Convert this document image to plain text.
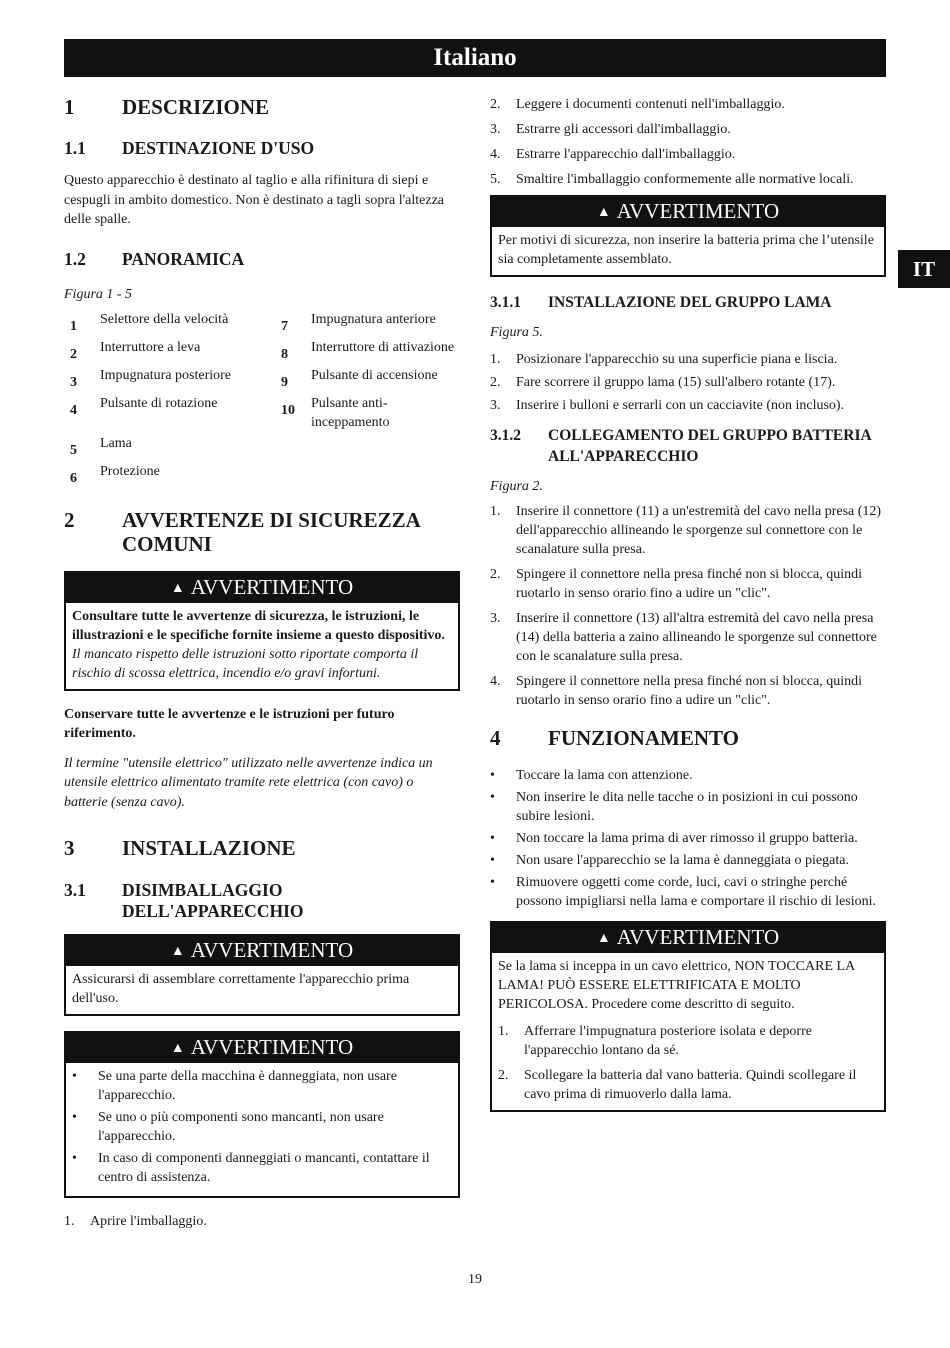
Italiano
IT
1	DESCRIZIONE
1.1	DESTINAZIONE D'USO

Questo apparecchio è destinato al taglio e alla rifinitura di siepi e cespugli in ambito domestico. Non è destinato a tagli sopra l'altezza delle spalle.

1.2	PANORAMICA
Figura 1 - 5
1	Selettore della velocità	7	Impugnatura anteriore
2	Interruttore a leva	8	Interruttore di attivazione
3	Impugnatura posteriore	9	Pulsante di accensione
4	Pulsante di rotazione	10	Pulsante anti-inceppamento
5	Lama
6	Protezione
2	AVVERTENZE DI SICUREZZA COMUNI
▲ AVVERTIMENTO
Consultare tutte le avvertenze di sicurezza, le istruzioni, le illustrazioni e le specifiche fornite insieme a questo dispositivo. Il mancato rispetto delle istruzioni sotto riportate comporta il rischio di scossa elettrica, incendio e/o gravi infortuni.

Conservare tutte le avvertenze e le istruzioni per futuro riferimento.

Il termine "utensile elettrico" utilizzato nelle avvertenze indica un utensile elettrico alimentato tramite rete elettrica (con cavo) o batterie (senza cavo).

3	INSTALLAZIONE
3.1	DISIMBALLAGGIO DELL'APPARECCHIO
▲ AVVERTIMENTO
Assicurarsi di assemblare correttamente l'apparecchio prima dell'uso.
▲ AVVERTIMENTO
•	Se una parte della macchina è danneggiata, non usare l'apparecchio.
•	Se uno o più componenti sono mancanti, non usare l'apparecchio.
•	In caso di componenti danneggiati o mancanti, contattare il centro di assistenza.
1.	Aprire l'imballaggio.
2.	Leggere i documenti contenuti nell'imballaggio.
3.	Estrarre gli accessori dall'imballaggio.
4.	Estrarre l'apparecchio dall'imballaggio.
5.	Smaltire l'imballaggio conformemente alle normative locali.
▲ AVVERTIMENTO
Per motivi di sicurezza, non inserire la batteria prima che l’utensile sia completamente assemblato.
3.1.1	INSTALLAZIONE DEL GRUPPO LAMA
Figura 5.
1.	Posizionare l'apparecchio su una superficie piana e liscia.
2.	Fare scorrere il gruppo lama (15) sull'albero rotante (17).
3.	Inserire i bulloni e serrarli con un cacciavite (non incluso).
3.1.2	COLLEGAMENTO DEL GRUPPO BATTERIA ALL'APPARECCHIO
Figura 2.
1.	Inserire il connettore (11) a un'estremità del cavo nella presa (12) dell'apparecchio allineando le sporgenze sul connettore con le scanalature sulla presa.
2.	Spingere il connettore nella presa finché non si blocca, quindi ruotarlo in senso orario fino a udire un "clic".
3.	Inserire il connettore (13) all'altra estremità del cavo nella presa (14) della batteria a zaino allineando le sporgenze sul connettore con le scanalature sulla presa.
4.	Spingere il connettore nella presa finché non si blocca, quindi ruotarlo in senso orario fino a udire un "clic".
4	FUNZIONAMENTO
•	Toccare la lama con attenzione.
•	Non inserire le dita nelle tacche o in posizioni in cui possono subire lesioni.
•	Non toccare la lama prima di aver rimosso il gruppo batteria.
•	Non usare l'apparecchio se la lama è danneggiata o piegata.
•	Rimuovere oggetti come corde, luci, cavi o stringhe perché possono impigliarsi nella lama e comportare il rischio di lesioni.
▲ AVVERTIMENTO
Se la lama si inceppa in un cavo elettrico, NON TOCCARE LA LAMA! PUÒ ESSERE ELETTRIFICATA E MOLTO PERICOLOSA. Procedere come descritto di seguito.
1.	Afferrare l'impugnatura posteriore isolata e deporre l'apparecchio lontano da sé.
2.	Scollegare la batteria dal vano batteria. Quindi scollegare il cavo prima di rimuoverlo dalla lama.
19
